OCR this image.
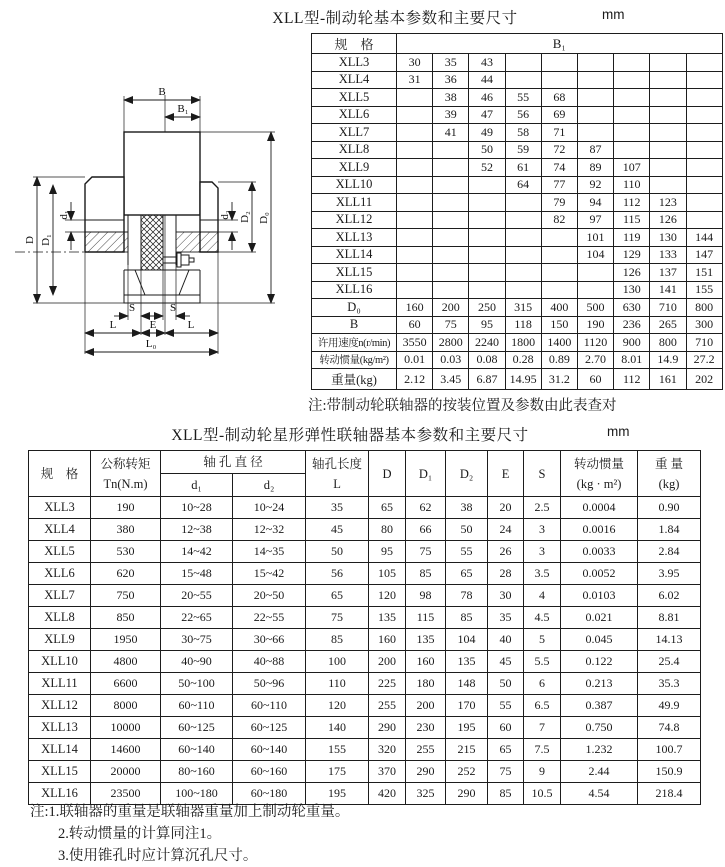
XLL型-制动轮基本参数和主要尺寸	mm
B
B₁
D D₁
d₁	d₂ D₂ D₀
S	S
L	E	L
L₀
规　格	B₁								
XLL3	30	35	43						
XLL4	31	36	44						
XLL5		38	46	55	68				
XLL6		39	47	56	69				
XLL7		41	49	58	71				
XLL8			50	59	72	87			
XLL9			52	61	74	89	107		
XLL10				64	77	92	110		
XLL11					79	94	112	123	
XLL12					82	97	115	126	
XLL13						101	119	130	144
XLL14						104	129	133	147
XLL15							126	137	151
XLL16							130	141	155
D₀	160	200	250	315	400	500	630	710	800
B	60	75	95	118	150	190	236	265	300
许用速度n(r/min)	3550	2800	2240	1800	1400	1120	900	800	710
转动惯量(kg/m²)	0.01	0.03	0.08	0.28	0.89	2.70	8.01	14.9	27.2
重量(kg)	2.12	3.45	6.87	14.95	31.2	60	112	161	202
注:带制动轮联轴器的按装位置及参数由此表查对
XLL型-制动轮星形弹性联轴器基本参数和主要尺寸	mm
规　格	公称转矩
Tn(N.m)	轴 孔 直 径		轴孔长度
L	D	D₁	D₂	E	S	转动惯量
(kg · m²)	重 量
(kg)

		d₁	d₂								
XLL3	190	10~28	10~24	35	65	62	38	20	2.5	0.0004	0.90
XLL4	380	12~38	12~32	45	80	66	50	24	3	0.0016	1.84
XLL5	530	14~42	14~35	50	95	75	55	26	3	0.0033	2.84
XLL6	620	15~48	15~42	56	105	85	65	28	3.5	0.0052	3.95
XLL7	750	20~55	20~50	65	120	98	78	30	4	0.0103	6.02
XLL8	850	22~65	22~55	75	135	115	85	35	4.5	0.021	8.81
XLL9	1950	30~75	30~66	85	160	135	104	40	5	0.045	14.13
XLL10	4800	40~90	40~88	100	200	160	135	45	5.5	0.122	25.4
XLL11	6600	50~100	50~96	110	225	180	148	50	6	0.213	35.3
XLL12	8000	60~110	60~110	120	255	200	170	55	6.5	0.387	49.9
XLL13	10000	60~125	60~125	140	290	230	195	60	7	0.750	74.8
XLL14	14600	60~140	60~140	155	320	255	215	65	7.5	1.232	100.7
XLL15	20000	80~160	60~160	175	370	290	252	75	9	2.44	150.9
XLL16	23500	100~180	60~180	195	420	325	290	85	10.5	4.54	218.4
注:1.联轴器的重量是联轴器重量加上制动轮重量。
2.转动惯量的计算同注1。
3.使用锥孔时应计算沉孔尺寸。
